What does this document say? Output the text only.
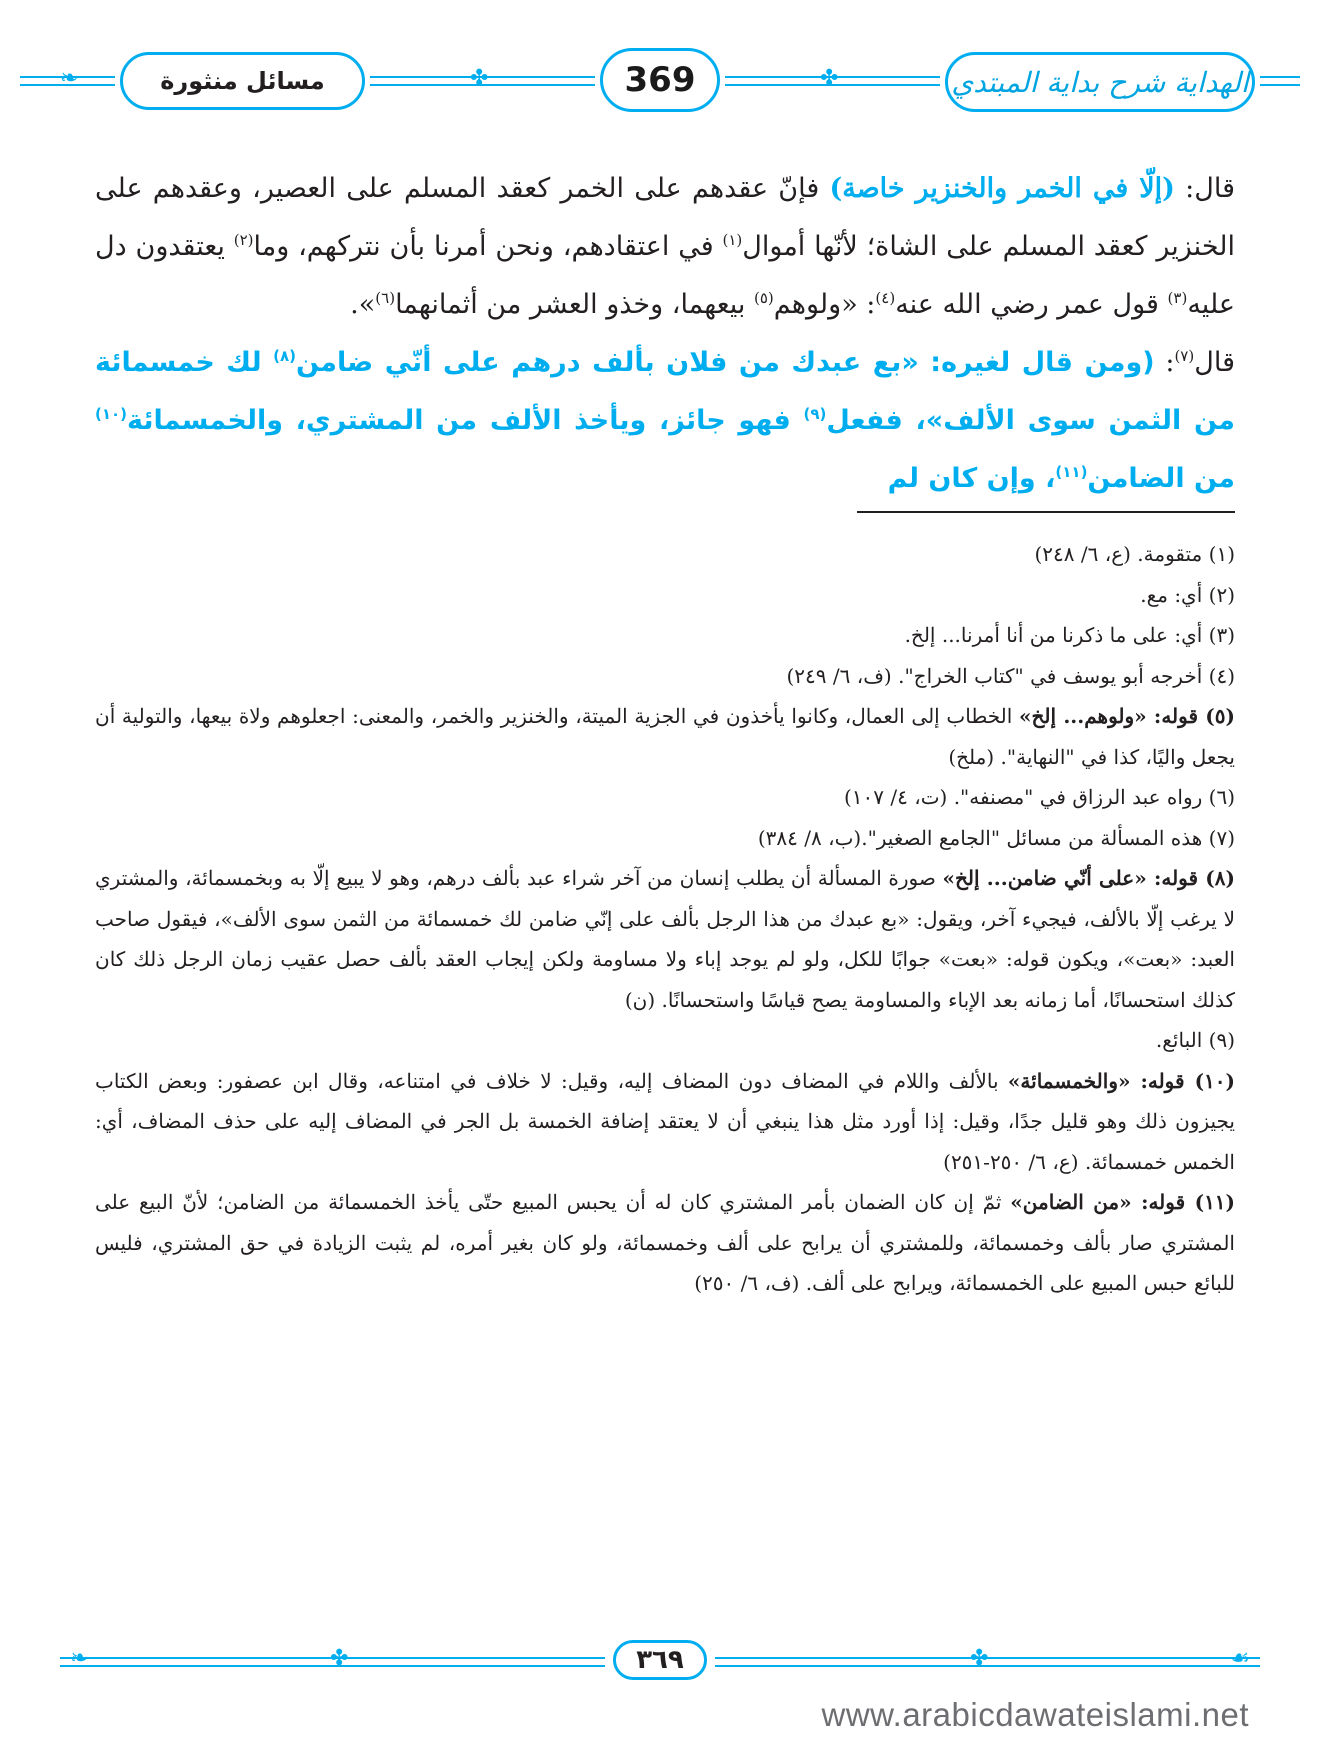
❧	✤	✤	الهداية شرح بداية المبتدي
369
مسائل منثورة

قال: (إلّا في الخمر والخنزير خاصة) فإنّ عقدهم على الخمر كعقد المسلم على العصير، وعقدهم على الخنزير كعقد المسلم على الشاة؛ لأنّها أموال$^{(١)}$ في اعتقادهم، ونحن أمرنا بأن نتركهم، وما$^{(٢)}$ يعتقدون دل عليه$^{(٣)}$ قول عمر رضي الله عنه$^{(٤)}$: «ولوهم$^{(٥)}$ بيعهما، وخذو العشر من أثمانهما$^{(٦)}$».

قال$^{(٧)}$: (ومن قال لغيره: «بع عبدك من فلان بألف درهم على أنّي ضامن$^{(٨)}$ لك خمسمائة من الثمن سوى الألف»، ففعل$^{(٩)}$ فهو جائز، ويأخذ الألف من المشتري، والخمسمائة$^{(١٠)}$ من الضامن$^{(١١)}$، وإن كان لم

(١) متقومة. (ع، ٦/ ٢٤٨)

(٢) أي: مع.

(٣) أي: على ما ذكرنا من أنا أمرنا... إلخ.

(٤) أخرجه أبو يوسف في "كتاب الخراج". (ف، ٦/ ٢٤٩)

(٥) قوله: «ولوهم... إلخ» الخطاب إلى العمال، وكانوا يأخذون في الجزية الميتة، والخنزير والخمر، والمعنى: اجعلوهم ولاة بيعها، والتولية أن يجعل واليًا، كذا في "النهاية". (ملخ)

(٦) رواه عبد الرزاق في "مصنفه". (ت، ٤/ ١٠٧)

(٧) هذه المسألة من مسائل "الجامع الصغير".(ب، ٨/ ٣٨٤)

(٨) قوله: «على أنّي ضامن... إلخ» صورة المسألة أن يطلب إنسان من آخر شراء عبد بألف درهم، وهو لا يبيع إلّا به وبخمسمائة، والمشتري لا يرغب إلّا بالألف، فيجيء آخر، ويقول: «بع عبدك من هذا الرجل بألف على إنّي ضامن لك خمسمائة من الثمن سوى الألف»، فيقول صاحب العبد: «بعت»، ويكون قوله: «بعت» جوابًا للكل، ولو لم يوجد إباء ولا مساومة ولكن إيجاب العقد بألف حصل عقيب زمان الرجل ذلك كان كذلك استحسانًا، أما زمانه بعد الإباء والمساومة يصح قياسًا واستحسانًا. (ن)

(٩) البائع.

(١٠) قوله: «والخمسمائة» بالألف واللام في المضاف دون المضاف إليه، وقيل: لا خلاف في امتناعه، وقال ابن عصفور: وبعض الكتاب يجيزون ذلك وهو قليل جدًا، وقيل: إذا أورد مثل هذا ينبغي أن لا يعتقد إضافة الخمسة بل الجر في المضاف إليه على حذف المضاف، أي: الخمس خمسمائة. (ع، ٦/ ٢٥٠-٢٥١)

(١١) قوله: «من الضامن» ثمّ إن كان الضمان بأمر المشتري كان له أن يحبس المبيع حتّى يأخذ الخمسمائة من الضامن؛ لأنّ البيع على المشتري صار بألف وخمسمائة، وللمشتري أن يرابح على ألف وخمسمائة، ولو كان بغير أمره، لم يثبت الزيادة في حق المشتري، فليس للبائع حبس المبيع على الخمسمائة، ويرابح على ألف. (ف، ٦/ ٢٥٠)

❧	✤	✤	☙
٣٦٩
www.arabicdawateislami.net
